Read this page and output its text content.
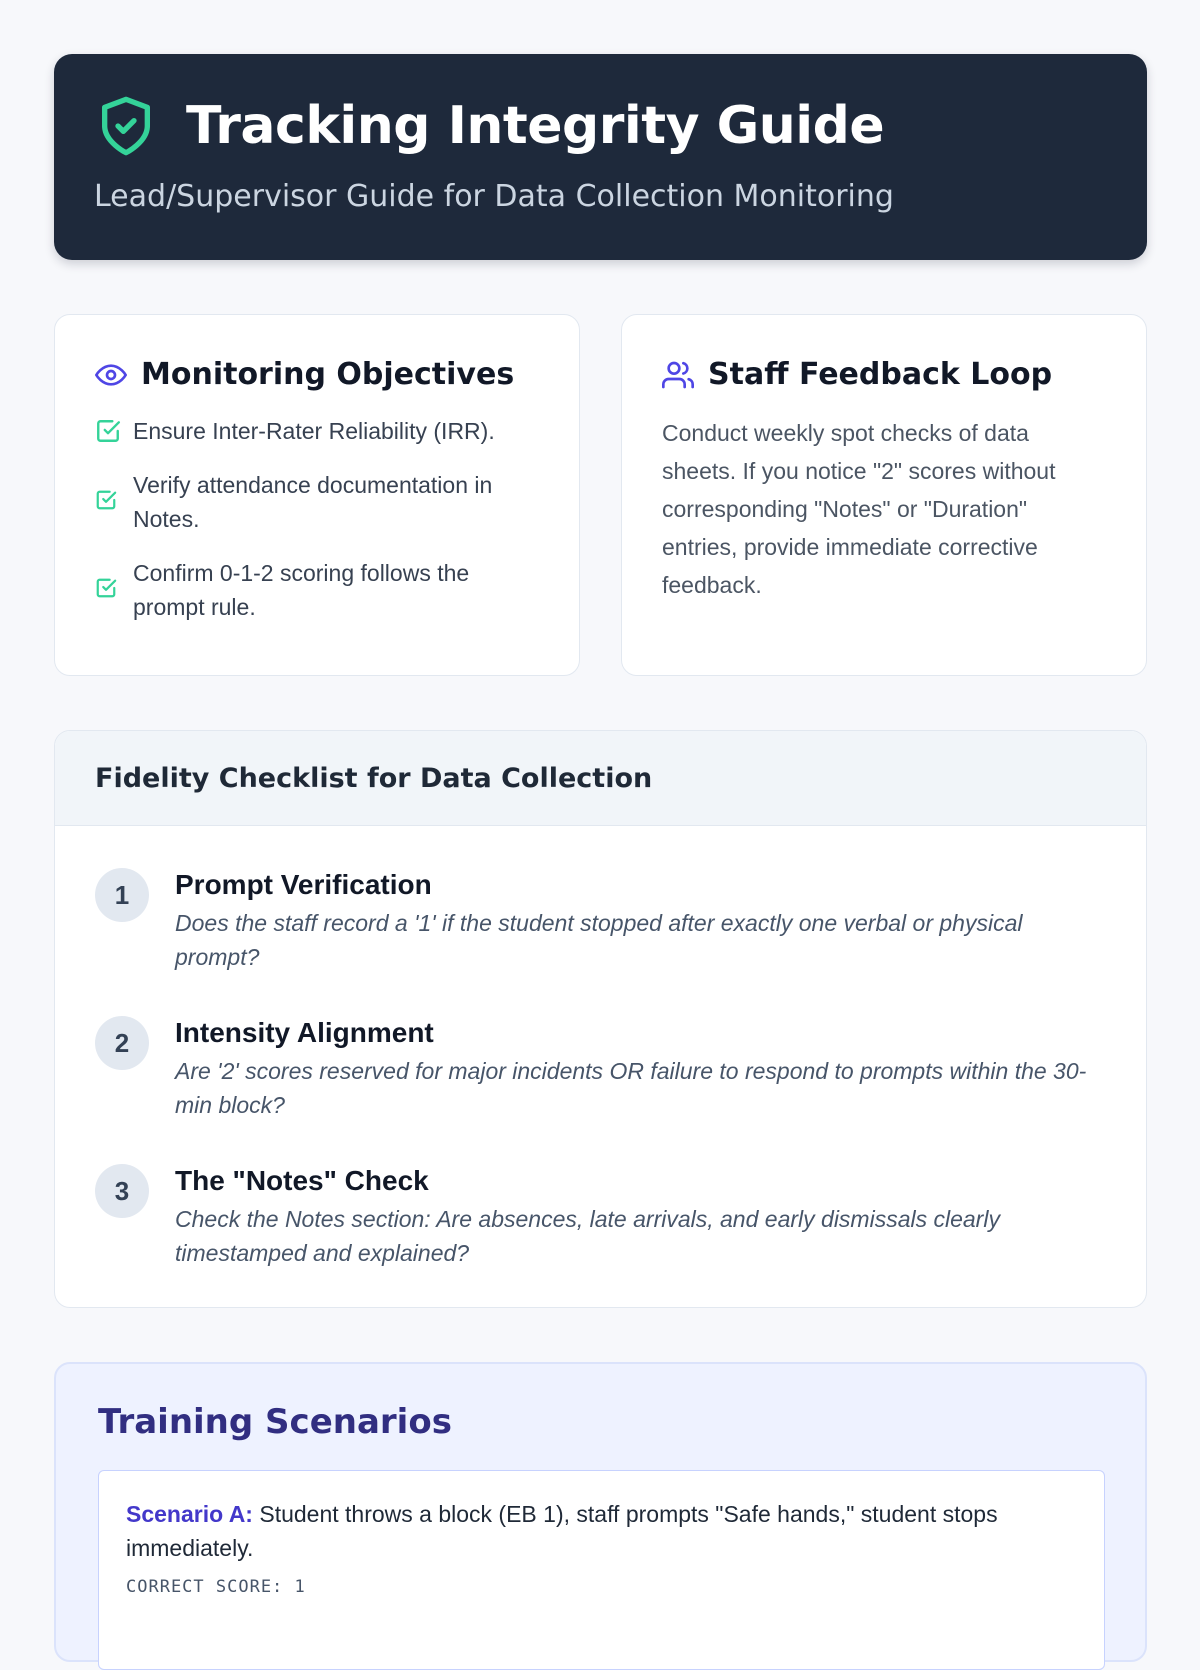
Tracking Integrity Guide
Lead/Supervisor Guide for Data Collection Monitoring
Monitoring Objectives
Ensure Inter-Rater Reliability (IRR).
Verify attendance documentation in Notes.
Confirm 0-1-2 scoring follows the prompt rule.
Staff Feedback Loop

Conduct weekly spot checks of data sheets. If you notice "2" scores without corresponding "Notes" or "Duration" entries, provide immediate corrective feedback.

Fidelity Checklist for Data Collection
1	Prompt Verification

Does the staff record a '1' if the student stopped after exactly one verbal or physical prompt?

2	Intensity Alignment

Are '2' scores reserved for major incidents OR failure to respond to prompts within the 30-min block?

3	The "Notes" Check

Check the Notes section: Are absences, late arrivals, and early dismissals clearly timestamped and explained?

Training Scenarios

Scenario A: Student throws a block (EB 1), staff prompts "Safe hands," student stops immediately.

CORRECT SCORE: 1
